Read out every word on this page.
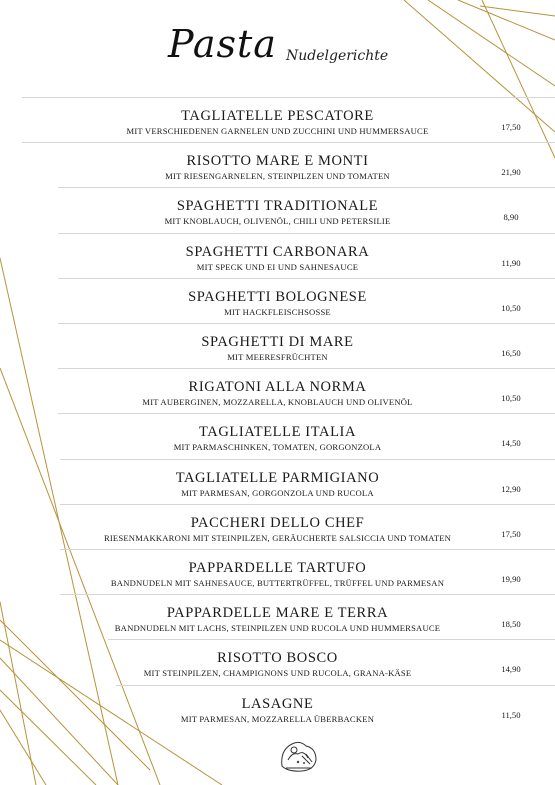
Pasta Nudelgerichte
TAGLIATELLE PESCATORE
MIT VERSCHIEDENEN GARNELEN UND ZUCCHINI UND HUMMERSAUCE	17,50
RISOTTO MARE E MONTI
MIT RIESENGARNELEN, STEINPILZEN UND TOMATEN	21,90
SPAGHETTI TRADITIONALE
MIT KNOBLAUCH, OLIVENÖL, CHILI UND PETERSILIE	8,90
SPAGHETTI CARBONARA
MIT SPECK UND EI UND SAHNESAUCE	11,90
SPAGHETTI BOLOGNESE
MIT HACKFLEISCHSOSSE	10,50
SPAGHETTI DI MARE
MIT MEERESFRÜCHTEN	16,50
RIGATONI ALLA NORMA
MIT AUBERGINEN, MOZZARELLA, KNOBLAUCH UND OLIVENÖL	10,50
TAGLIATELLE ITALIA
MIT PARMASCHINKEN, TOMATEN, GORGONZOLA	14,50
TAGLIATELLE PARMIGIANO
MIT PARMESAN, GORGONZOLA UND RUCOLA	12,90
PACCHERI DELLO CHEF
RIESENMAKKARONI MIT STEINPILZEN, GERÄUCHERTE SALSICCIA UND TOMATEN	17,50
PAPPARDELLE TARTUFO
BANDNUDELN MIT SAHNESAUCE, BUTTERTRÜFFEL, TRÜFFEL UND PARMESAN	19,90
PAPPARDELLE MARE E TERRA
BANDNUDELN MIT LACHS, STEINPILZEN UND RUCOLA UND HUMMERSAUCE	18,50
RISOTTO BOSCO
MIT STEINPILZEN, CHAMPIGNONS UND RUCOLA, GRANA-KÄSE	14,90
LASAGNE
MIT PARMESAN, MOZZARELLA ÜBERBACKEN	11,50
